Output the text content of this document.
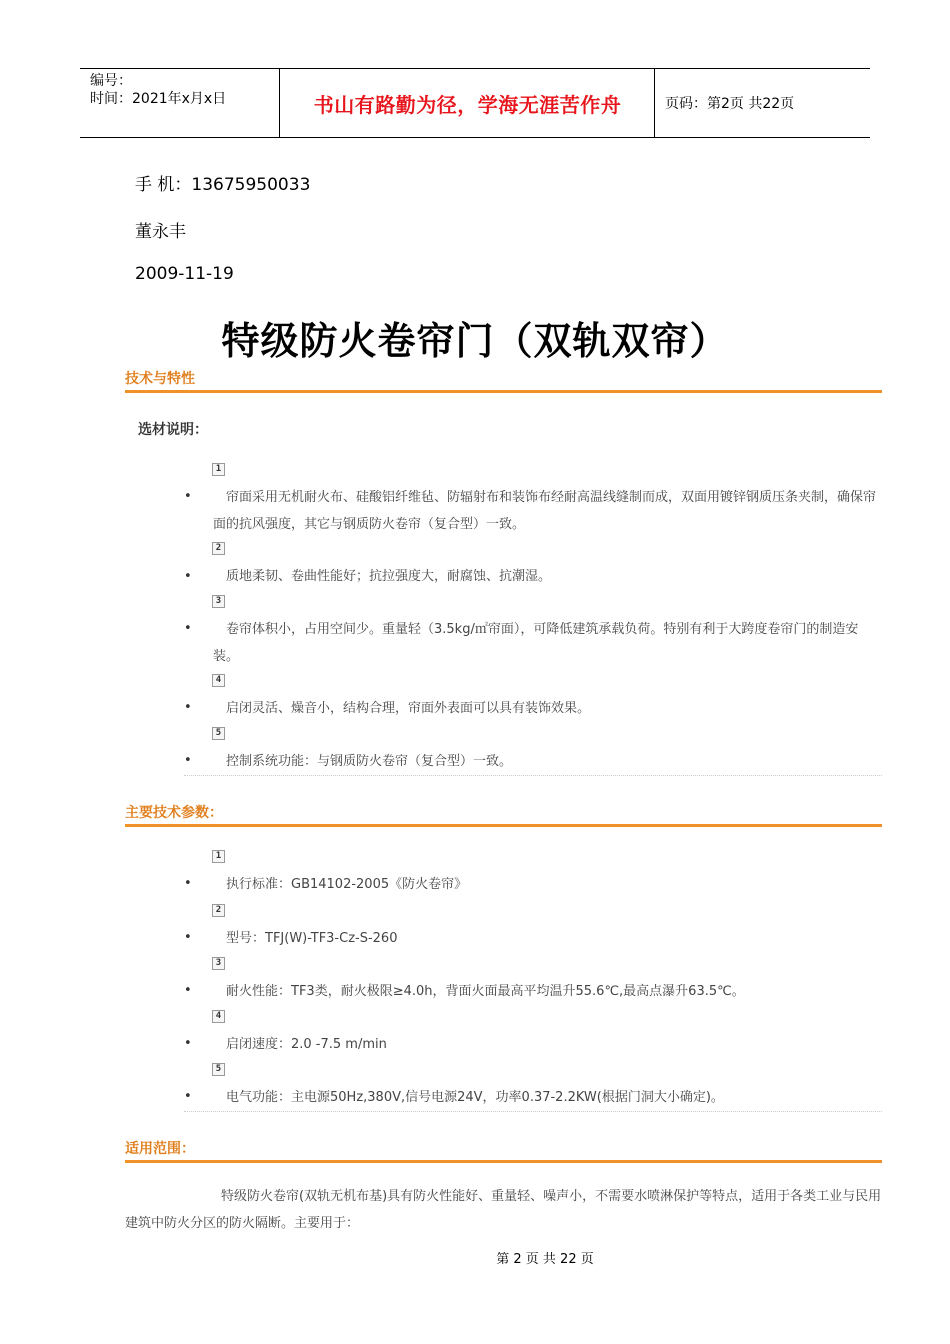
编号：
时间：2021年x月x日	书山有路勤为径，学海无涯苦作舟	页码：第2页 共22页
手 机：13675950033
董永丰
2009-11-19
特级防火卷帘门（双轨双帘）
技术与特性
选材说明：
1
•	帘面采用无机耐火布、硅酸铝纤维毡、防辐射布和装饰布经耐高温线缝制而成，双面用镀锌钢质压条夹制，确保帘面的抗风强度，其它与钢质防火卷帘（复合型）一致。
2
•	质地柔韧、卷曲性能好；抗拉强度大，耐腐蚀、抗潮湿。
3
•	卷帘体积小，占用空间少。重量轻（3.5kg/㎡帘面），可降低建筑承载负荷。特别有利于大跨度卷帘门的制造安装。
4
•	启闭灵活、燥音小，结构合理，帘面外表面可以具有装饰效果。
5
•	控制系统功能：与钢质防火卷帘（复合型）一致。
主要技术参数：
1
•	执行标准：GB14102-2005《防火卷帘》
2
•	型号：TFJ(W)-TF3-Cz-S-260
3
•	耐火性能：TF3类，耐火极限≥4.0h，背面火面最高平均温升55.6℃,最高点瀑升63.5℃。
4
•	启闭速度：2.0 -7.5 m/min
5
•	电气功能：主电源50Hz,380V,信号电源24V，功率0.37-2.2KW(根据门洞大小确定)。
适用范围：
特级防火卷帘(双轨无机布基)具有防火性能好、重量轻、噪声小，不需要水喷淋保护等特点，适用于各类工业与民用建筑中防火分区的防火隔断。主要用于：
第 2 页 共 22 页
